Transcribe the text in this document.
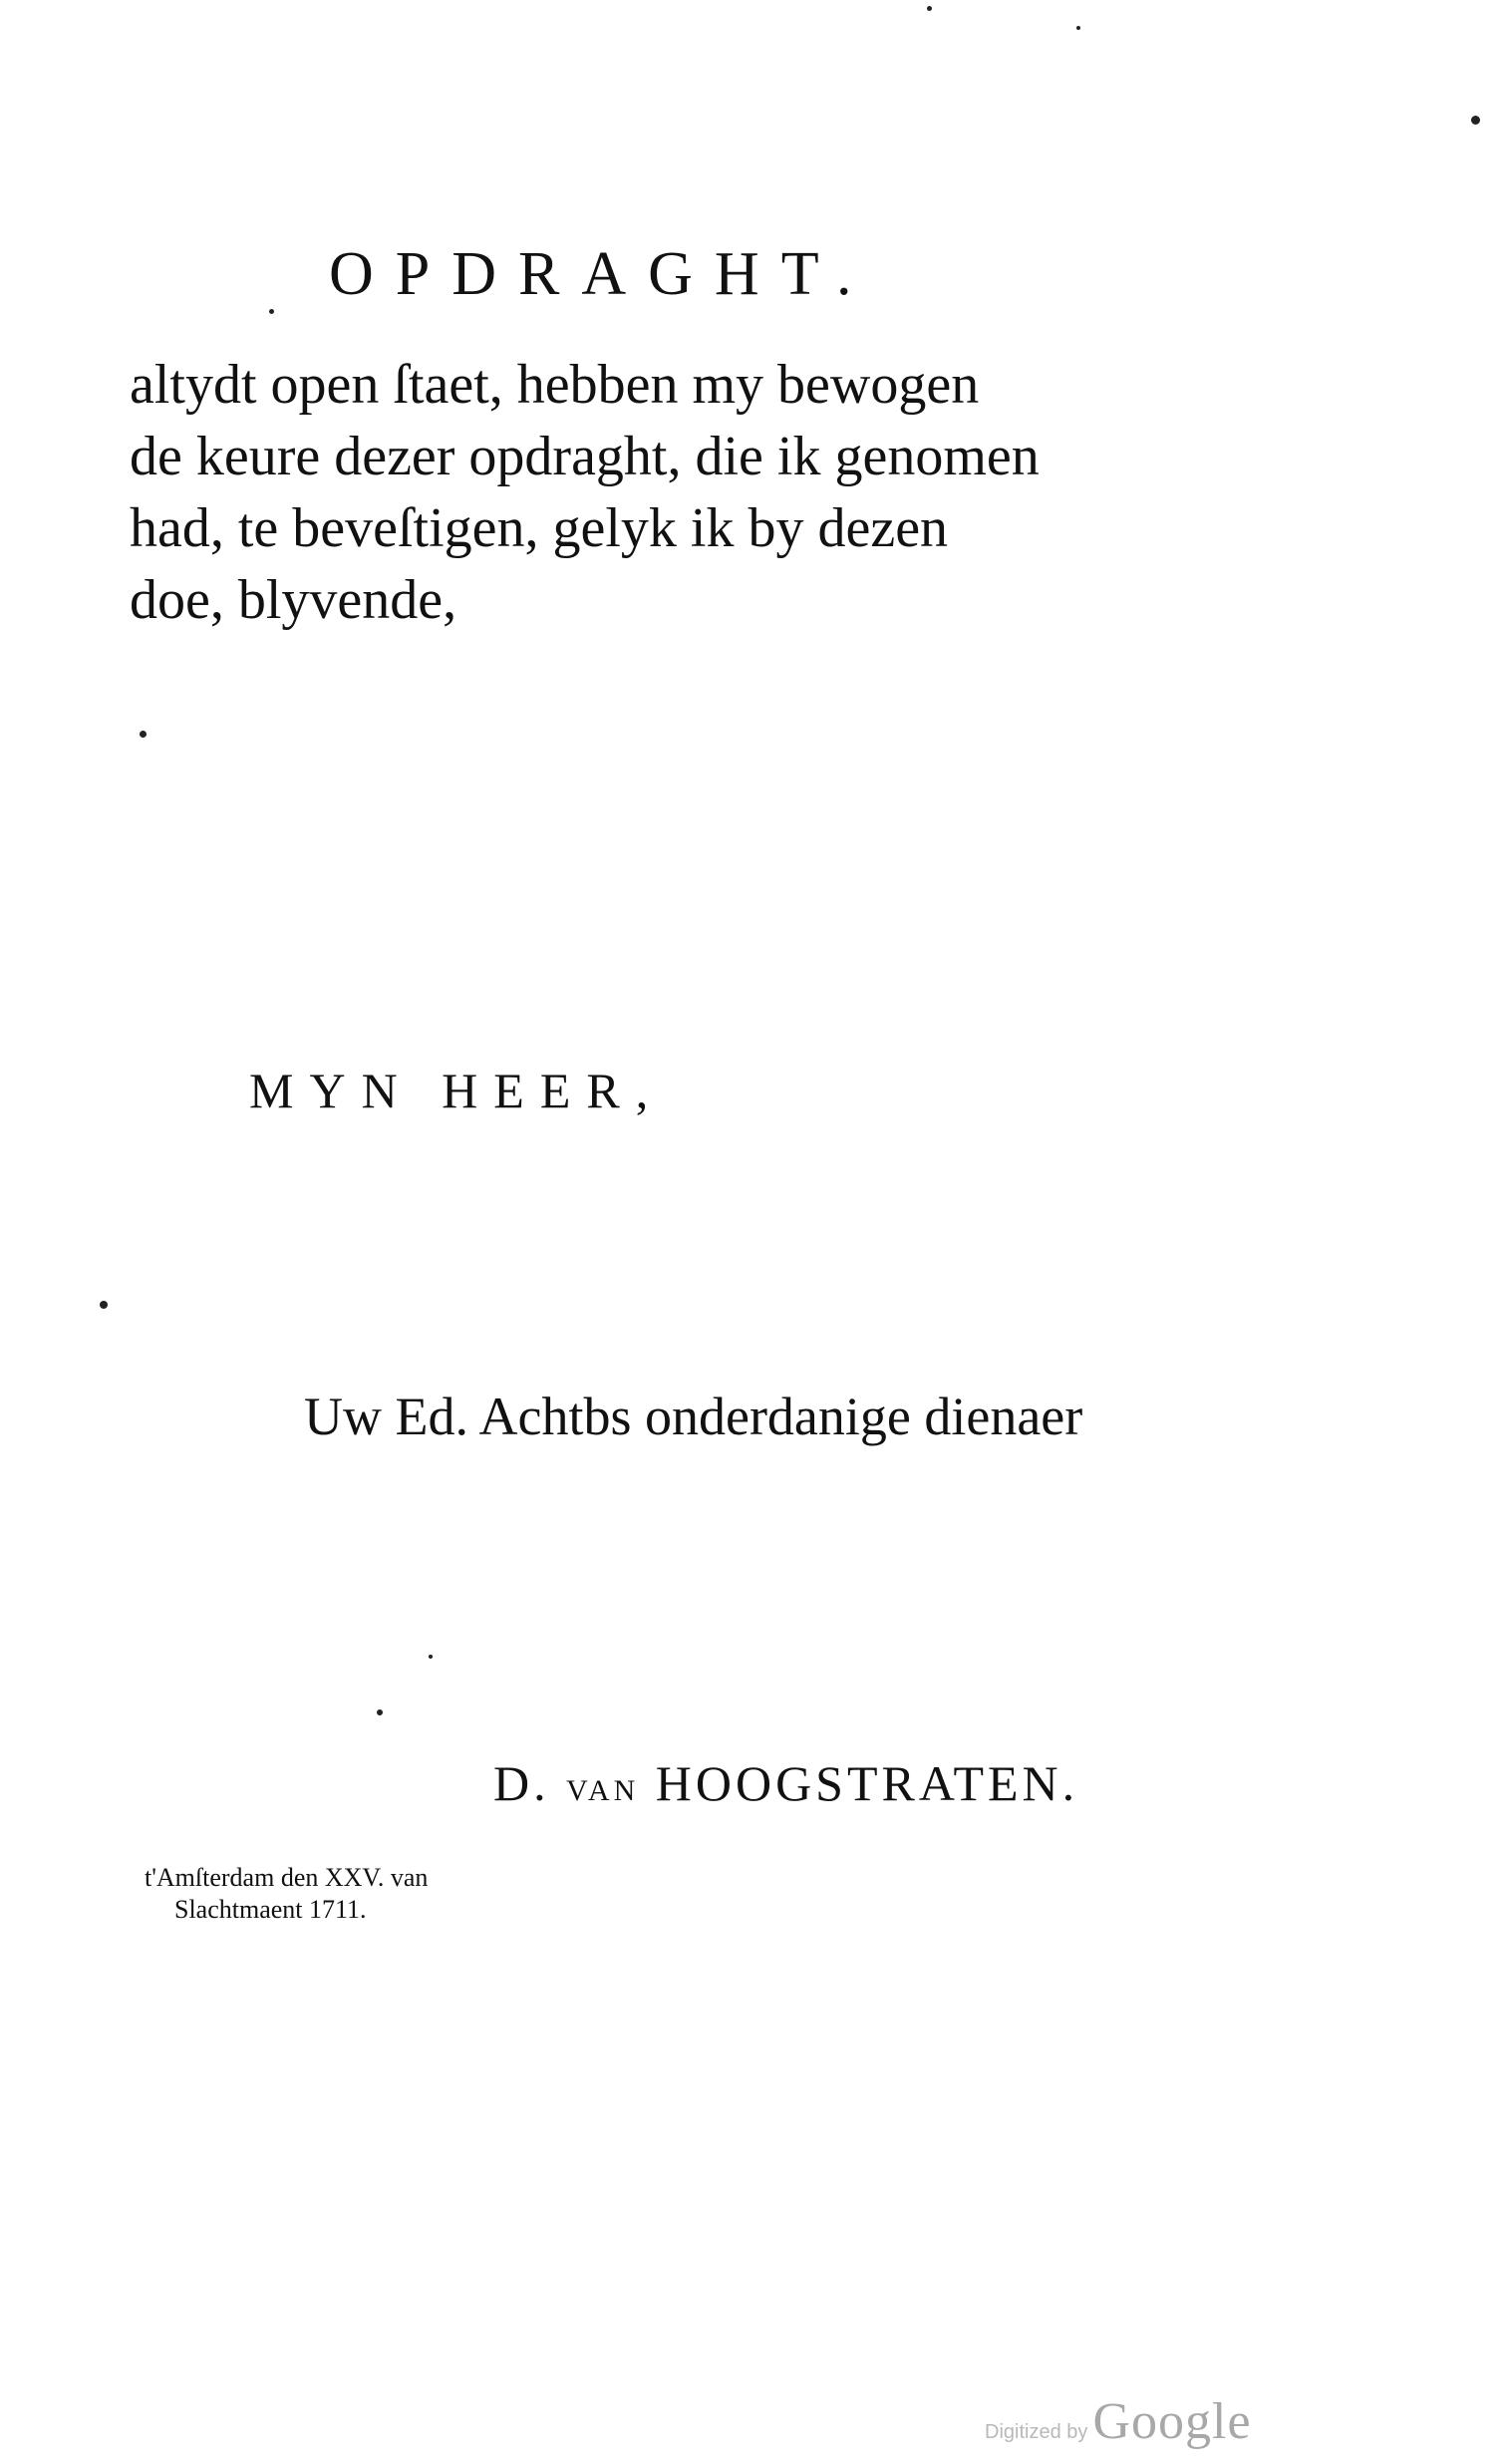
OPDRAGHT.
altydt open ſtaet, hebben my bewogen
de keure dezer opdraght, die ik genomen
had, te beveſtigen, gelyk ik by dezen
doe, blyvende,
MYN HEER,
Uw Ed. Achtbs onderdanige dienaer
D. VAN HOOGSTRATEN.
t'Amſterdam den XXV. van
Slachtmaent 1711.
Digitized by Google
